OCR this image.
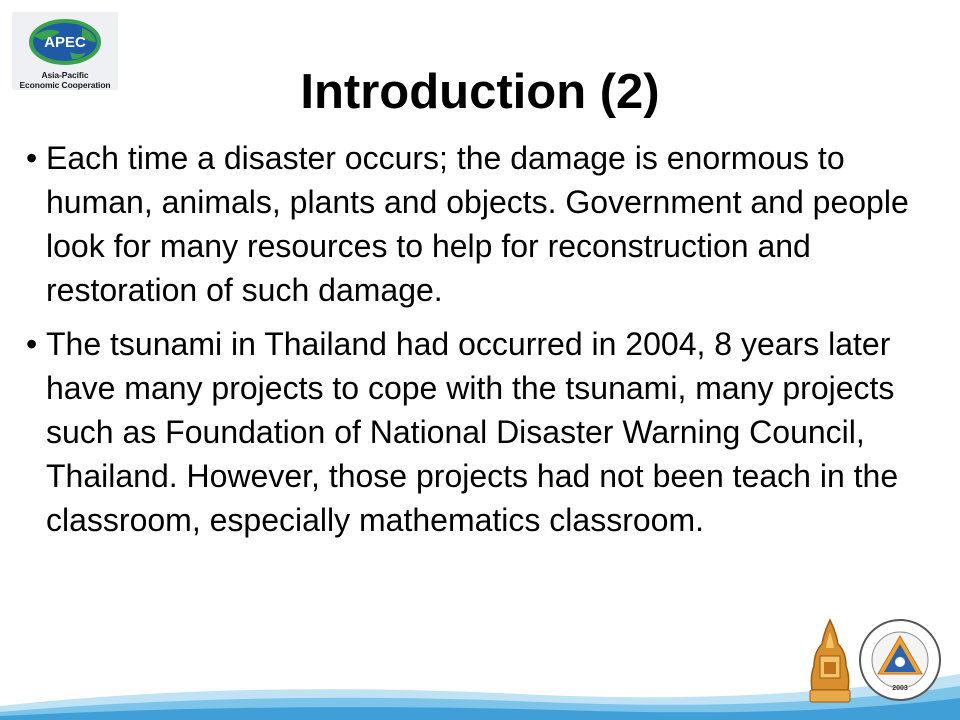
APEC
Asia-Pacific
Economic Cooperation	Introduction (2)
• Each time a disaster occurs; the damage is enormous to human, animals, plants and objects. Government and people look for many resources to help for reconstruction and restoration of such damage.
• The tsunami in Thailand had occurred in 2004, 8 years later have many projects to cope with the tsunami, many projects such as Foundation of National Disaster Warning Council, Thailand. However, those projects had not been teach in the classroom, especially mathematics classroom.
2003
